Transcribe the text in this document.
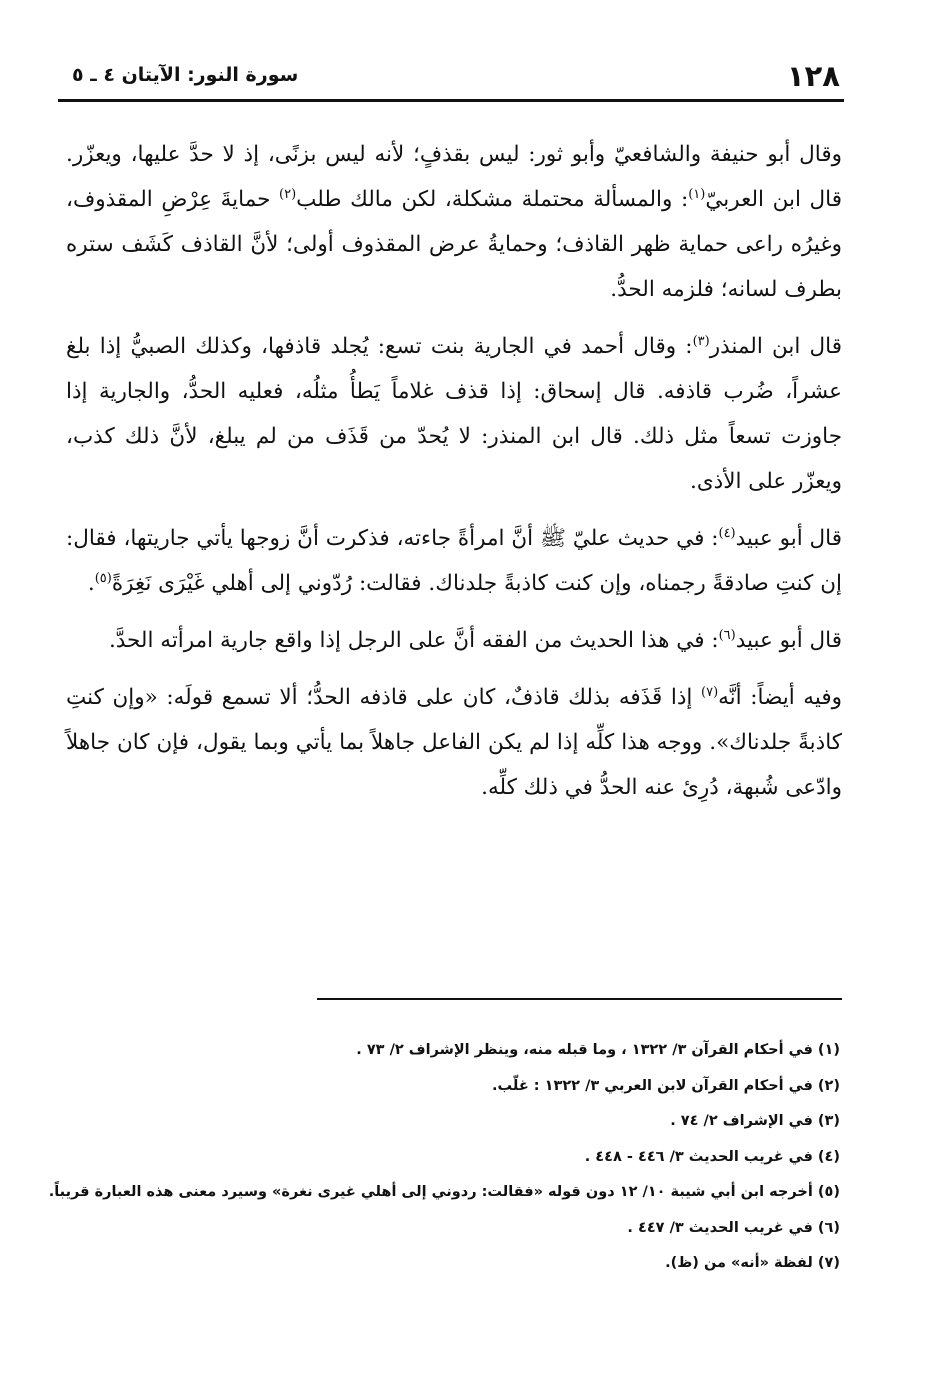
١٢٨

سورة النور: الآيتان ٤ ـ ٥

وقال أبو حنيفة والشافعيّ وأبو ثور: ليس بقذفٍ؛ لأنه ليس بزنًى، إذ لا حدَّ عليها، ويعزّر. قال ابن العربيّ$^{(١)}$: والمسألة محتملة مشكلة، لكن مالك طلب$^{(٢)}$ حمايةَ عِرْضِ المقذوف، وغيرُه راعى حماية ظهر القاذف؛ وحمايةُ عرض المقذوف أولى؛ لأنَّ القاذف كَشَف ستره بطرف لسانه؛ فلزمه الحدُّ.

قال ابن المنذر$^{(٣)}$: وقال أحمد في الجارية بنت تسع: يُجلد قاذفها، وكذلك الصبيُّ إذا بلغ عشراً، ضُرب قاذفه. قال إسحاق: إذا قذف غلاماً يَطأُ مثلُه، فعليه الحدُّ، والجارية إذا جاوزت تسعاً مثل ذلك. قال ابن المنذر: لا يُحدّ من قَذَف من لم يبلغ، لأنَّ ذلك كذب، ويعزّر على الأذى.

قال أبو عبيد$^{(٤)}$: في حديث عليّ ﷺ أنَّ امرأةً جاءته، فذكرت أنَّ زوجها يأتي جاريتها، فقال: إن كنتِ صادقةً رجمناه، وإن كنت كاذبةً جلدناك. فقالت: رُدّوني إلى أهلي غَيْرَى نَغِرَةً$^{(٥)}$.

قال أبو عبيد$^{(٦)}$: في هذا الحديث من الفقه أنَّ على الرجل إذا واقع جارية امرأته الحدَّ.

وفيه أيضاً: أنَّه$^{(٧)}$ إذا قَذَفه بذلك قاذفٌ، كان على قاذفه الحدُّ؛ ألا تسمع قولَه: «وإن كنتِ كاذبةً جلدناك». ووجه هذا كلِّه إذا لم يكن الفاعل جاهلاً بما يأتي وبما يقول، فإن كان جاهلاً وادّعى شُبهة، دُرِئ عنه الحدُّ في ذلك كلِّه.

(١) في أحكام القرآن ٣/ ١٣٢٢ ، وما قبله منه، وينظر الإشراف ٢/ ٧٣ .

(٢) في أحكام القرآن لابن العربي ٣/ ١٣٢٢ : غلّب.

(٣) في الإشراف ٢/ ٧٤ .

(٤) في غريب الحديث ٣/ ٤٤٦ - ٤٤٨ .

(٥) أخرجه ابن أبي شيبة ١٠/ ١٢ دون قوله «فقالت: ردوني إلى أهلي غيرى نغرة» وسيرد معنى هذه العبارة قريباً.

(٦) في غريب الحديث ٣/ ٤٤٧ .

(٧) لفظة «أنه» من (ظ).
